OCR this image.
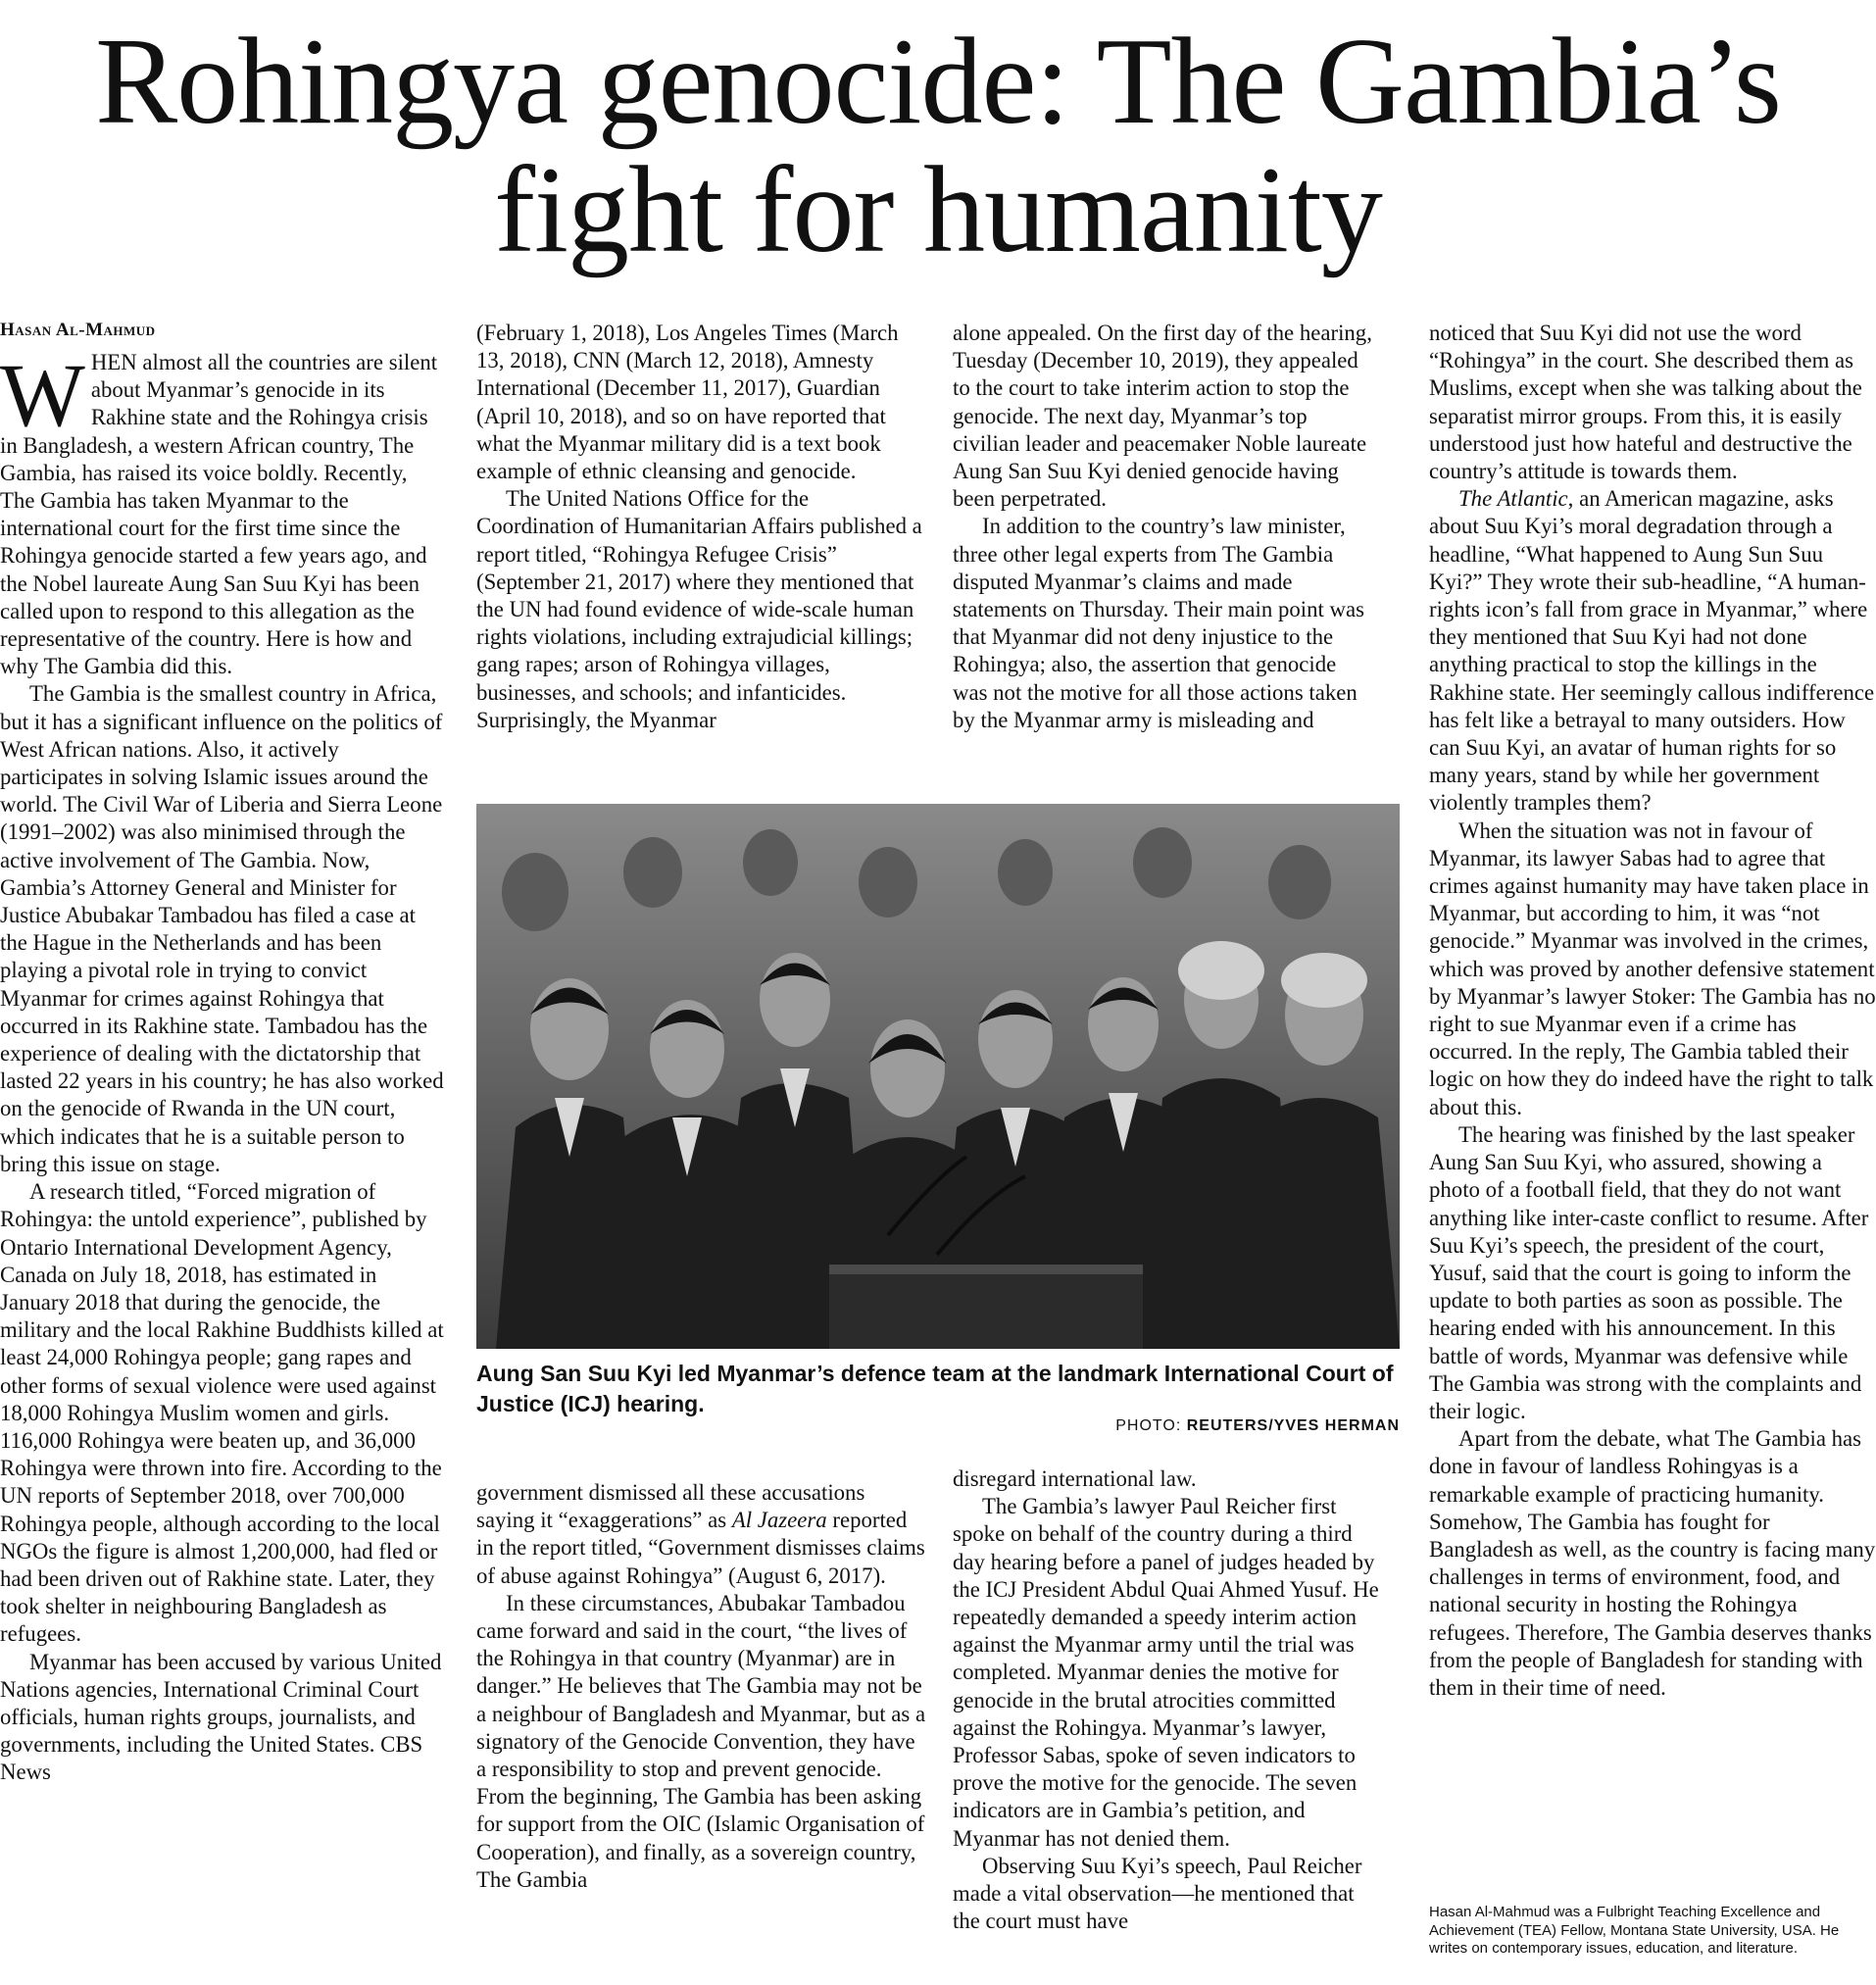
Rohingya genocide: The Gambia’s
fight for humanity
Hasan Al-Mahmud

WHEN almost all the countries are silent about Myanmar’s genocide in its Rakhine state and the Rohingya crisis in Bangladesh, a western African country, The Gambia, has raised its voice boldly. Recently, The Gambia has taken Myanmar to the international court for the first time since the Rohingya genocide started a few years ago, and the Nobel laureate Aung San Suu Kyi has been called upon to respond to this allegation as the representative of the country. Here is how and why The Gambia did this.

The Gambia is the smallest country in Africa, but it has a significant influence on the politics of West African nations. Also, it actively participates in solving Islamic issues around the world. The Civil War of Liberia and Sierra Leone (1991–2002) was also minimised through the active involvement of The Gambia. Now, Gambia’s Attorney General and Minister for Justice Abubakar Tambadou has filed a case at the Hague in the Netherlands and has been playing a pivotal role in trying to convict Myanmar for crimes against Rohingya that occurred in its Rakhine state. Tambadou has the experience of dealing with the dictatorship that lasted 22 years in his country; he has also worked on the genocide of Rwanda in the UN court, which indicates that he is a suitable person to bring this issue on stage.

A research titled, “Forced migration of Rohingya: the untold experience”, published by Ontario International Development Agency, Canada on July 18, 2018, has estimated in January 2018 that during the genocide, the military and the local Rakhine Buddhists killed at least 24,000 Rohingya people; gang rapes and other forms of sexual violence were used against 18,000 Rohingya Muslim women and girls. 116,000 Rohingya were beaten up, and 36,000 Rohingya were thrown into fire. According to the UN reports of September 2018, over 700,000 Rohingya people, although according to the local NGOs the figure is almost 1,200,000, had fled or had been driven out of Rakhine state. Later, they took shelter in neighbouring Bangladesh as refugees.

Myanmar has been accused by various United Nations agencies, International Criminal Court officials, human rights groups, journalists, and governments, including the United States. CBS News

(February 1, 2018), Los Angeles Times (March 13, 2018), CNN (March 12, 2018), Amnesty International (December 11, 2017), Guardian (April 10, 2018), and so on have reported that what the Myanmar military did is a text book example of ethnic cleansing and genocide.

The United Nations Office for the Coordination of Humanitarian Affairs published a report titled, “Rohingya Refugee Crisis” (September 21, 2017) where they mentioned that the UN had found evidence of wide-scale human rights violations, including extrajudicial killings; gang rapes; arson of Rohingya villages, businesses, and schools; and infanticides. Surprisingly, the Myanmar

alone appealed. On the first day of the hearing, Tuesday (December 10, 2019), they appealed to the court to take interim action to stop the genocide. The next day, Myanmar’s top civilian leader and peacemaker Noble laureate Aung San Suu Kyi denied genocide having been perpetrated.

In addition to the country’s law minister, three other legal experts from The Gambia disputed Myanmar’s claims and made statements on Thursday. Their main point was that Myanmar did not deny injustice to the Rohingya; also, the assertion that genocide was not the motive for all those actions taken by the Myanmar army is misleading and

Aung San Suu Kyi led Myanmar’s defence team at the landmark International Court of Justice (ICJ) hearing.
PHOTO: REUTERS/YVES HERMAN

government dismissed all these accusations saying it “exaggerations” as Al Jazeera reported in the report titled, “Government dismisses claims of abuse against Rohingya” (August 6, 2017).

In these circumstances, Abubakar Tambadou came forward and said in the court, “the lives of the Rohingya in that country (Myanmar) are in danger.” He believes that The Gambia may not be a neighbour of Bangladesh and Myanmar, but as a signatory of the Genocide Convention, they have a responsibility to stop and prevent genocide. From the beginning, The Gambia has been asking for support from the OIC (Islamic Organisation of Cooperation), and finally, as a sovereign country, The Gambia

disregard international law.

The Gambia’s lawyer Paul Reicher first spoke on behalf of the country during a third day hearing before a panel of judges headed by the ICJ President Abdul Quai Ahmed Yusuf. He repeatedly demanded a speedy interim action against the Myanmar army until the trial was completed. Myanmar denies the motive for genocide in the brutal atrocities committed against the Rohingya. Myanmar’s lawyer, Professor Sabas, spoke of seven indicators to prove the motive for the genocide. The seven indicators are in Gambia’s petition, and Myanmar has not denied them.

Observing Suu Kyi’s speech, Paul Reicher made a vital observation—he mentioned that the court must have

noticed that Suu Kyi did not use the word “Rohingya” in the court. She described them as Muslims, except when she was talking about the separatist mirror groups. From this, it is easily understood just how hateful and destructive the country’s attitude is towards them.

The Atlantic, an American magazine, asks about Suu Kyi’s moral degradation through a headline, “What happened to Aung Sun Suu Kyi?” They wrote their sub-headline, “A human-rights icon’s fall from grace in Myanmar,” where they mentioned that Suu Kyi had not done anything practical to stop the killings in the Rakhine state. Her seemingly callous indifference has felt like a betrayal to many outsiders. How can Suu Kyi, an avatar of human rights for so many years, stand by while her government violently tramples them?

When the situation was not in favour of Myanmar, its lawyer Sabas had to agree that crimes against humanity may have taken place in Myanmar, but according to him, it was “not genocide.” Myanmar was involved in the crimes, which was proved by another defensive statement by Myanmar’s lawyer Stoker: The Gambia has no right to sue Myanmar even if a crime has occurred. In the reply, The Gambia tabled their logic on how they do indeed have the right to talk about this.

The hearing was finished by the last speaker Aung San Suu Kyi, who assured, showing a photo of a football field, that they do not want anything like inter-caste conflict to resume. After Suu Kyi’s speech, the president of the court, Yusuf, said that the court is going to inform the update to both parties as soon as possible. The hearing ended with his announcement. In this battle of words, Myanmar was defensive while The Gambia was strong with the complaints and their logic.

Apart from the debate, what The Gambia has done in favour of landless Rohingyas is a remarkable example of practicing humanity. Somehow, The Gambia has fought for Bangladesh as well, as the country is facing many challenges in terms of environment, food, and national security in hosting the Rohingya refugees. Therefore, The Gambia deserves thanks from the people of Bangladesh for standing with them in their time of need.

Hasan Al-Mahmud was a Fulbright Teaching Excellence and Achievement (TEA) Fellow, Montana State University, USA. He writes on contemporary issues, education, and literature.
